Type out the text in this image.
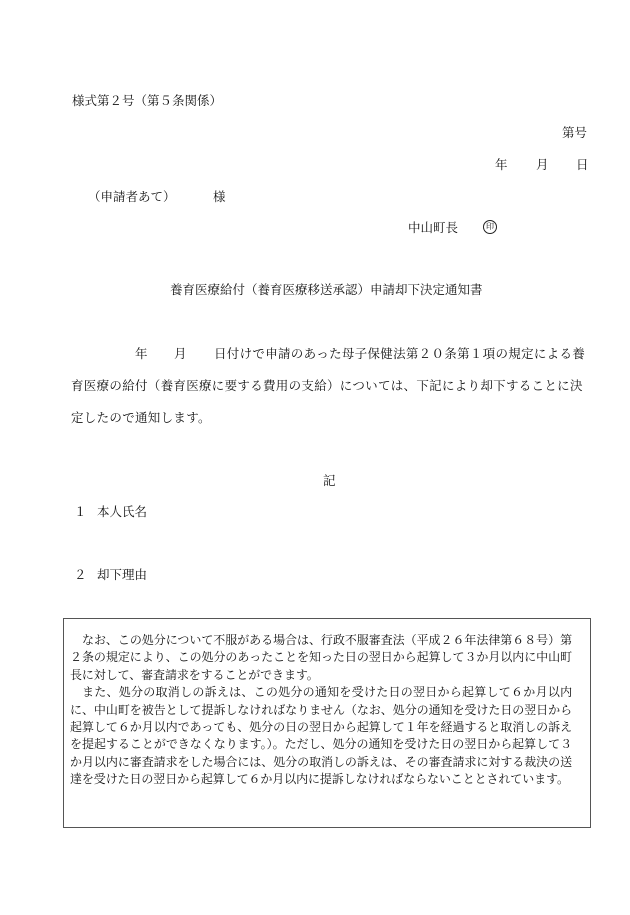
様式第２号（第５条関係）
第号
年 月 日
（申請者あて）	様
中山町長	印
養育医療給付（養育医療移送承認）申請却下決定通知書
年 月 日付けで申請のあった母子保健法第２０条第１項の規定による養
育医療の給付（養育医療に要する費用の支給）については、下記により却下することに決
定したので通知します。
記
１ 本人氏名
２ 却下理由

なお、この処分について不服がある場合は、行政不服審査法（平成２６年法律第６８号）第２条の規定により、この処分のあったことを知った日の翌日から起算して３か月以内に中山町長に対して、審査請求をすることができます。

また、処分の取消しの訴えは、この処分の通知を受けた日の翌日から起算して６か月以内に、中山町を被告として提訴しなければなりません（なお、処分の通知を受けた日の翌日から起算して６か月以内であっても、処分の日の翌日から起算して１年を経過すると取消しの訴えを提起することができなくなります。）。ただし、処分の通知を受けた日の翌日から起算して３か月以内に審査請求をした場合には、処分の取消しの訴えは、その審査請求に対する裁決の送達を受けた日の翌日から起算して６か月以内に提訴しなければならないこととされています。
